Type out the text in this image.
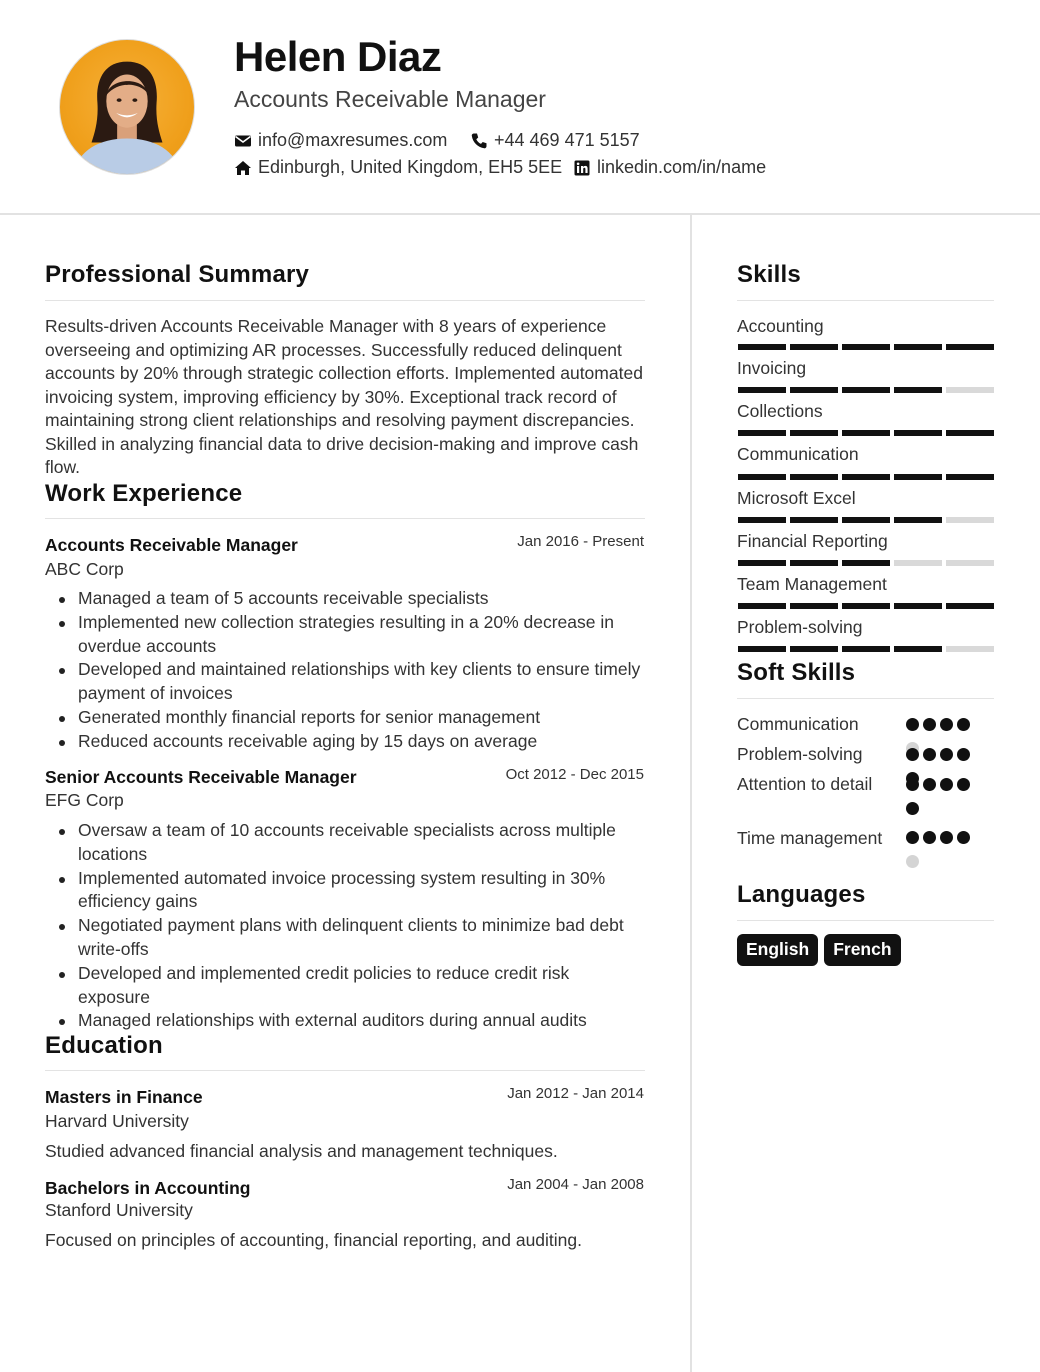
Helen Diaz
Accounts Receivable Manager
info@maxresumes.com	+44 469 471 5157
Edinburgh, United Kingdom, EH5 5EE linkedin.com/in/name
Professional Summary
Results-driven Accounts Receivable Manager with 8 years of experience overseeing and optimizing AR processes. Successfully reduced delinquent accounts by 20% through strategic collection efforts. Implemented automated invoicing system, improving efficiency by 30%. Exceptional track record of maintaining strong client relationships and resolving payment discrepancies. Skilled in analyzing financial data to drive decision-making and improve cash flow.
Work Experience
Accounts Receivable Manager	Jan 2016 - Present
ABC Corp
Managed a team of 5 accounts receivable specialists
Implemented new collection strategies resulting in a 20% decrease in overdue accounts
Developed and maintained relationships with key clients to ensure timely payment of invoices
Generated monthly financial reports for senior management
Reduced accounts receivable aging by 15 days on average
Senior Accounts Receivable Manager	Oct 2012 - Dec 2015
EFG Corp
Oversaw a team of 10 accounts receivable specialists across multiple locations
Implemented automated invoice processing system resulting in 30% efficiency gains
Negotiated payment plans with delinquent clients to minimize bad debt write-offs
Developed and implemented credit policies to reduce credit risk exposure
Managed relationships with external auditors during annual audits
Education
Masters in Finance	Jan 2012 - Jan 2014
Harvard University
Studied advanced financial analysis and management techniques.
Bachelors in Accounting	Jan 2004 - Jan 2008
Stanford University
Focused on principles of accounting, financial reporting, and auditing.
Skills
Accounting
Invoicing
Collections
Communication
Microsoft Excel
Financial Reporting
Team Management
Problem-solving
Soft Skills
Communication
Problem-solving
Attention to detail
Time management
Languages
English	French
